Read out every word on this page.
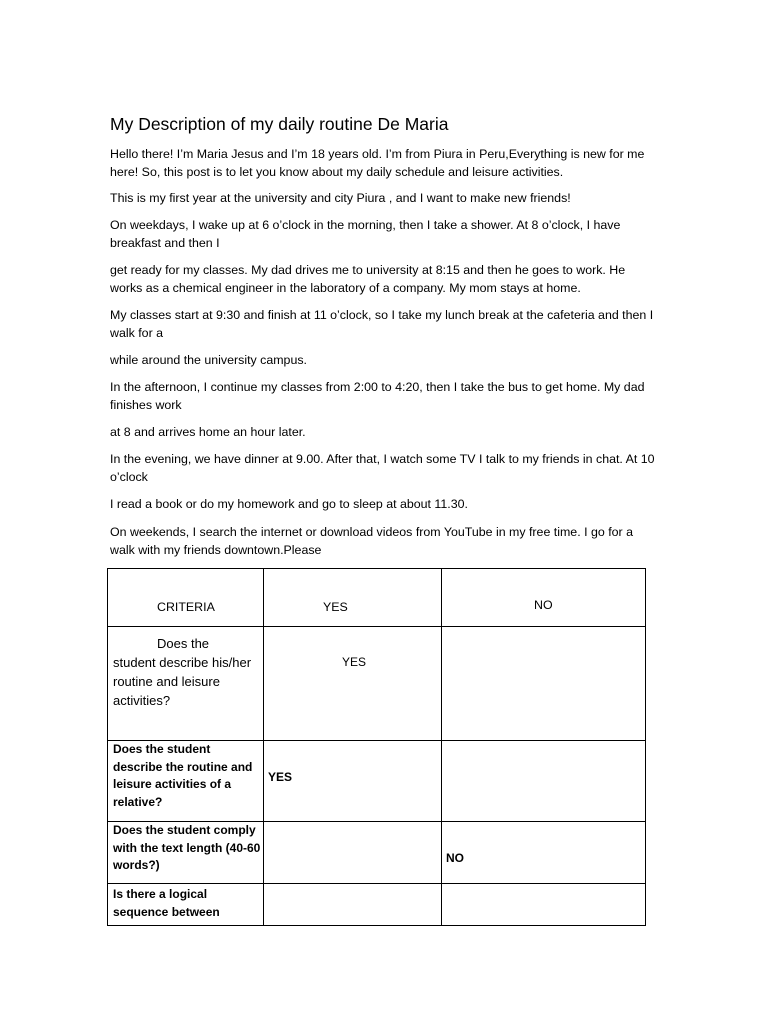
My Description of my daily routine De Maria

Hello there! I’m Maria Jesus and I’m 18 years old. I’m from Piura in Peru,Everything is new for me here! So, this post is to let you know about my daily schedule and leisure activities.

This is my first year at the university and city Piura , and I want to make new friends!

On weekdays, I wake up at 6 o’clock in the morning, then I take a shower. At 8 o’clock, I have breakfast and then I

get ready for my classes. My dad drives me to university at 8:15 and then he goes to work. He works as a chemical engineer in the laboratory of a company. My mom stays at home.

My classes start at 9:30 and finish at 11 o’clock, so I take my lunch break at the cafeteria and then I walk for a

while around the university campus.

In the afternoon, I continue my classes from 2:00 to 4:20, then I take the bus to get home. My dad finishes work

at 8 and arrives home an hour later.

In the evening, we have dinner at 9.00. After that, I watch some TV I talk to my friends in chat. At 10 o’clock

I read a book or do my homework and go to sleep at about 11.30.

On weekends, I search the internet or download videos from YouTube in my free time. I go for a walk with my friends downtown.Please

CRITERIA	YES	NO

Does the student describe his/her routine and leisure activities?	YES	

Does the student describe the routine and leisure activities of a relative?	YES	

Does the student comply with the text length (40-60 words?)		NO

Is there a logical sequence between		
